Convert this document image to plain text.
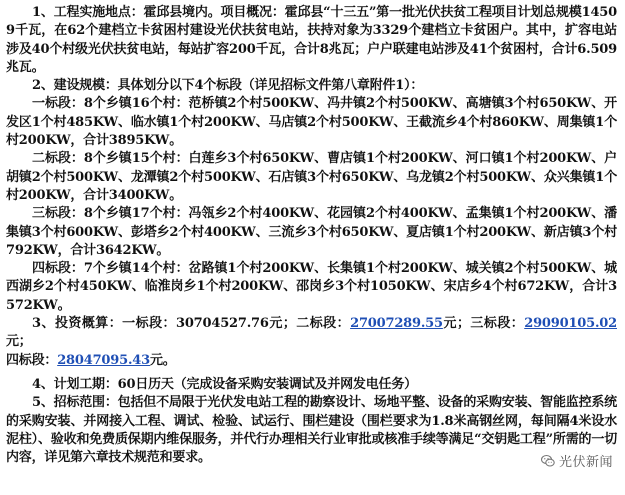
1、工程实施地点：霍邱县境内。项目概况：霍邱县“十三五”第一批光伏扶贫工程项目计划总规模14509千瓦，在62个建档立卡贫困村建设光伏扶贫电站，扶持对象为3329个建档立卡贫困户。其中，扩容电站涉及40个村级光伏扶贫电站，每站扩容200千瓦，合计8兆瓦；户户联建电站涉及41个贫困村，合计6.509兆瓦。

2、建设规模：具体划分以下4个标段（详见招标文件第八章附件1）：

一标段：8个乡镇16个村：范桥镇2个村500KW、冯井镇2个村500KW、高塘镇3个村650KW、开发区1个村485KW、临水镇1个村200KW、马店镇2个村500KW、王截流乡4个村860KW、周集镇1个村200KW，合计3895KW。

二标段：8个乡镇15个村：白莲乡3个村650KW、曹店镇1个村200KW、河口镇1个村200KW、户胡镇2个村500KW、龙潭镇2个村500KW、石店镇3个村650KW、乌龙镇2个村500KW、众兴集镇1个村200KW，合计3400KW。

三标段：8个乡镇17个村：冯瓴乡2个村400KW、花园镇2个村400KW、孟集镇1个村200KW、潘集镇3个村600KW、彭塔乡2个村400KW、三流乡3个村650KW、夏店镇1个村200KW、新店镇3个村792KW，合计3642KW。

四标段：7个乡镇14个村：岔路镇1个村200KW、长集镇1个村200KW、城关镇2个村500KW、城西湖乡2个村450KW、临淮岗乡1个村200KW、邵岗乡3个村1050KW、宋店乡4个村672KW，合计3572KW。

3、投资概算：一标段：30704527.76元；二标段：27007289.55元；三标段：29090105.02元；

四标段：28047095.43元。

4、计划工期：60日历天（完成设备采购安装调试及并网发电任务）

5、招标范围：包括但不局限于光伏发电站工程的勘察设计、场地平整、设备的采购安装、智能监控系统的采购安装、并网接入工程、调试、检验、试运行、围栏建设（围栏要求为1.8米高钢丝网，每间隔4米设水泥柱）、验收和免费质保期内维保服务，并代行办理相关行业审批或核准手续等满足“交钥匙工程”所需的一切内容，详见第六章技术规范和要求。	光伏新闻
